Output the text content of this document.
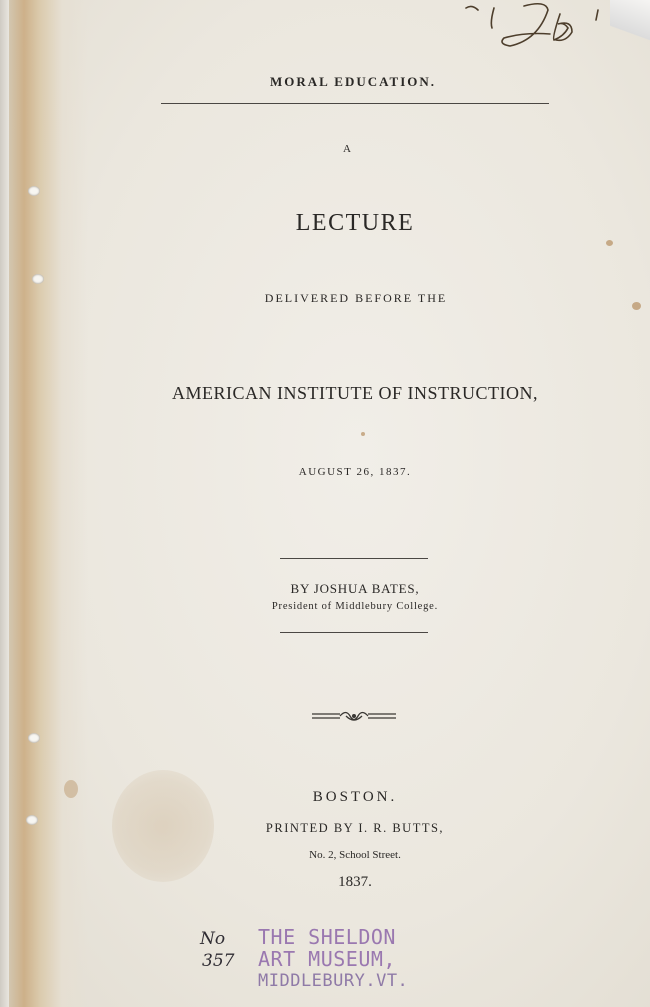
MORAL EDUCATION.
A
LECTURE
DELIVERED BEFORE THE
AMERICAN INSTITUTE OF INSTRUCTION,
AUGUST 26, 1837.
BY JOSHUA BATES,
President of Middlebury College.
BOSTON.
PRINTED BY I. R. BUTTS,
No. 2, School Street.
1837.
No
357
THE SHELDON
ART MUSEUM,
MIDDLEBURY.VT.
